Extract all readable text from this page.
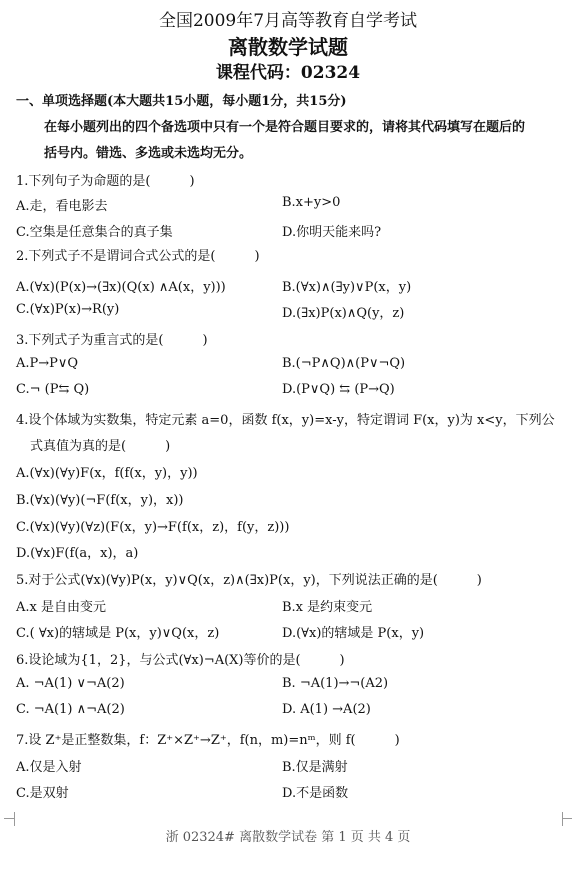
全国2009年7月高等教育自学考试
离散数学试题
课程代码：02324
一、单项选择题(本大题共15小题，每小题1分，共15分)
在每小题列出的四个备选项中只有一个是符合题目要求的，请将其代码填写在题后的
括号内。错选、多选或未选均无分。
1.下列句子为命题的是(　　　)
A.走，看电影去	B.x+y>0
C.空集是任意集合的真子集	D.你明天能来吗?
2.下列式子不是谓词合式公式的是(　　　)
A.(∀x)(P(x)→(∃x)(Q(x) ∧A(x，y)))	B.(∀x)∧(∃y)∨P(x，y)
C.(∀x)P(x)→R(y)	D.(∃x)P(x)∧Q(y，z)
3.下列式子为重言式的是(　　　)
A.P→P∨Q	B.(¬P∧Q)∧(P∨¬Q)
C.¬ (P⇆ Q)	D.(P∨Q) ⇆ (P→Q)
4.设个体域为实数集，特定元素 a=0，函数 f(x，y)=x-y，特定谓词 F(x，y)为 x<y，下列公
式真值为真的是(　　　)
A.(∀x)(∀y)F(x，f(f(x，y)，y))
B.(∀x)(∀y)(¬F(f(x，y)，x))
C.(∀x)(∀y)(∀z)(F(x，y)→F(f(x，z)，f(y，z)))
D.(∀x)F(f(a，x)，a)
5.对于公式(∀x)(∀y)P(x，y)∨Q(x，z)∧(∃x)P(x，y)，下列说法正确的是(　　　)
A.x 是自由变元	B.x 是约束变元
C.( ∀x)的辖域是 P(x，y)∨Q(x，z)	D.(∀x)的辖域是 P(x，y)
6.设论域为{1，2}，与公式(∀x)¬A(X)等价的是(　　　)
A. ¬A(1) ∨¬A(2)	B. ¬A(1)→¬(A2)
C. ¬A(1) ∧¬A(2)	D. A(1) →A(2)
7.设 Z⁺是正整数集，f：Z⁺×Z⁺→Z⁺，f(n，m)=nᵐ，则 f(　　　)
A.仅是入射	B.仅是满射
C.是双射	D.不是函数
浙 02324# 离散数学试卷 第 1 页 共 4 页
